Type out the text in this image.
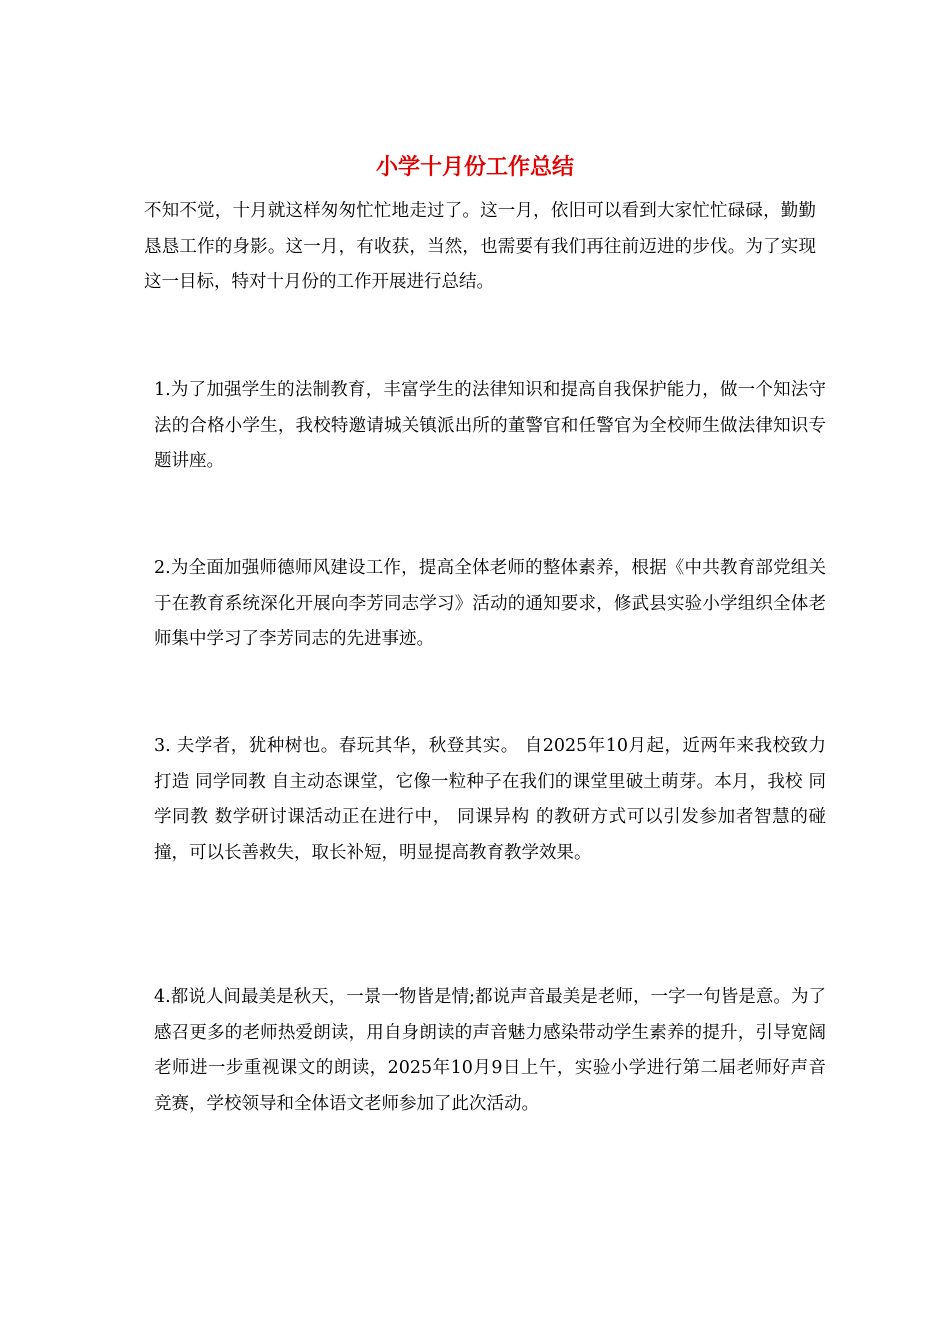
小学十月份工作总结

不知不觉，十月就这样匆匆忙忙地走过了。这一月，依旧可以看到大家忙忙碌碌，勤勤恳恳工作的身影。这一月，有收获，当然，也需要有我们再往前迈进的步伐。为了实现这一目标，特对十月份的工作开展进行总结。

1.为了加强学生的法制教育，丰富学生的法律知识和提高自我保护能力，做一个知法守法的合格小学生，我校特邀请城关镇派出所的董警官和任警官为全校师生做法律知识专题讲座。

2.为全面加强师德师风建设工作，提高全体老师的整体素养，根据《中共教育部党组关于在教育系统深化开展向李芳同志学习》活动的通知要求，修武县实验小学组织全体老师集中学习了李芳同志的先进事迹。

3. 夫学者，犹种树也。春玩其华，秋登其实。 自2025年10月起，近两年来我校致力打造 同学同教 自主动态课堂，它像一粒种子在我们的课堂里破土萌芽。本月，我校 同学同教 数学研讨课活动正在进行中， 同课异构 的教研方式可以引发参加者智慧的碰撞，可以长善救失，取长补短，明显提高教育教学效果。

4.都说人间最美是秋天，一景一物皆是情;都说声音最美是老师，一字一句皆是意。为了感召更多的老师热爱朗读，用自身朗读的声音魅力感染带动学生素养的提升，引导宽阔老师进一步重视课文的朗读，2025年10月9日上午，实验小学进行第二届老师好声音竞赛，学校领导和全体语文老师参加了此次活动。
